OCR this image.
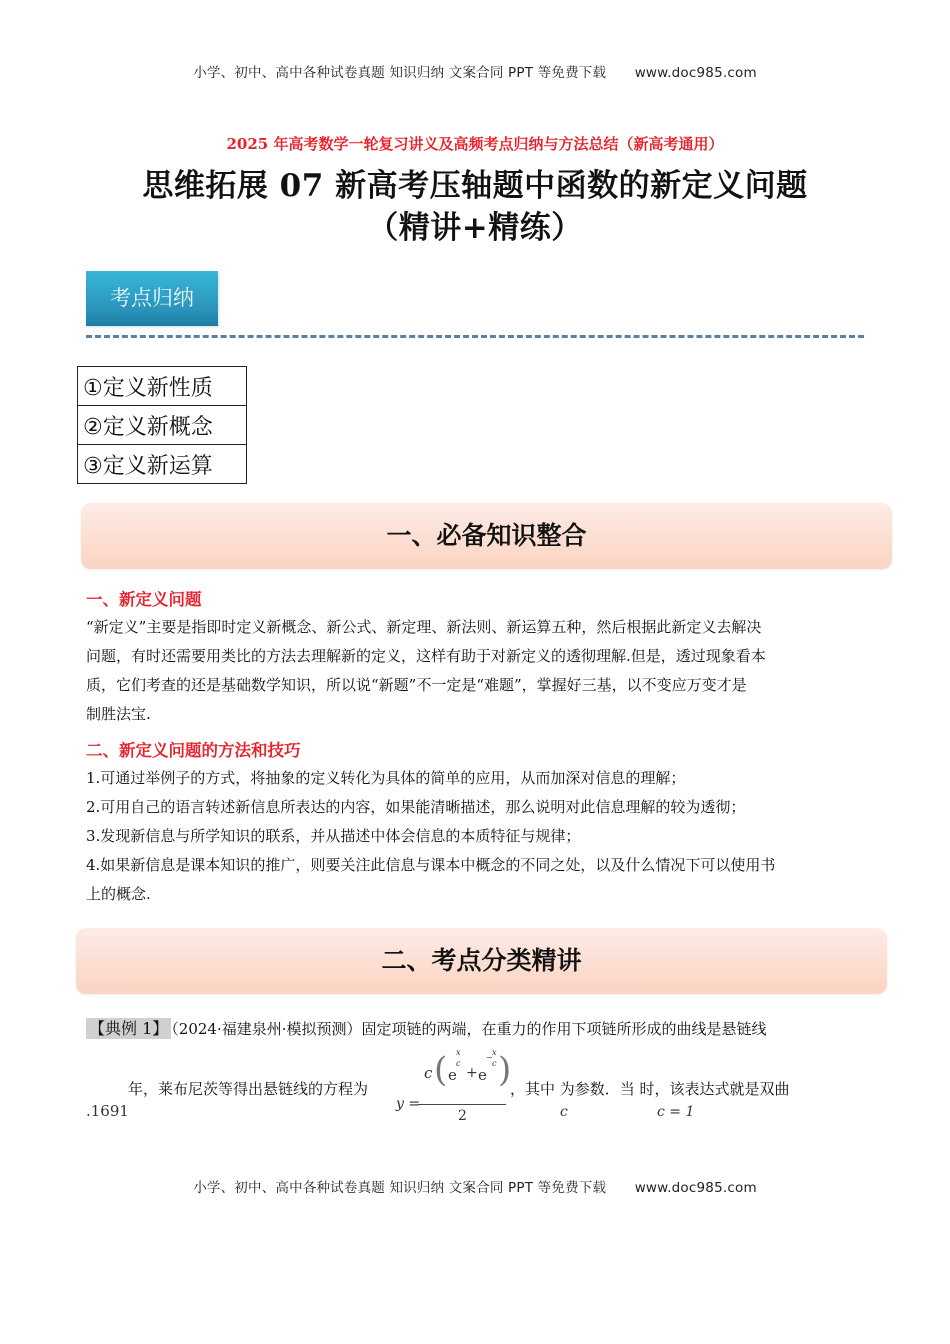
小学、初中、高中各种试卷真题 知识归纳 文案合同 PPT 等免费下载 www.doc985.com
2025 年高考数学一轮复习讲义及高频考点归纳与方法总结（新高考通用）
思维拓展 07 新高考压轴题中函数的新定义问题
（精讲+精练）
考点归纳
①定义新性质
②定义新概念
③定义新运算
一、必备知识整合
一、新定义问题
“新定义”主要是指即时定义新概念、新公式、新定理、新法则、新运算五种，然后根据此新定义去解决
问题，有时还需要用类比的方法去理解新的定义，这样有助于对新定义的透彻理解.但是，透过现象看本
质，它们考查的还是基础数学知识，所以说“新题”不一定是“难题”，掌握好三基，以不变应万变才是
制胜法宝.
二、新定义问题的方法和技巧
1.可通过举例子的方式，将抽象的定义转化为具体的简单的应用，从而加深对信息的理解；
2.可用自己的语言转述新信息所表达的内容，如果能清晰描述，那么说明对此信息理解的较为透彻；
3.发现新信息与所学知识的联系，并从描述中体会信息的本质特征与规律；
4.如果新信息是课本知识的推广，则要关注此信息与课本中概念的不同之处，以及什么情况下可以使用书
上的概念.
二、考点分类精讲
【典例 1】 （2024·福建泉州·模拟预测）固定项链的两端，在重力的作用下项链所形成的曲线是悬链线
年，莱布尼茨等得出悬链线的方程为
.1691	y =
c ( e
x
c
+ e
−
x
c )
2
，其中 为参数．当 时，该表达式就是双曲
c	c = 1
小学、初中、高中各种试卷真题 知识归纳 文案合同 PPT 等免费下载 www.doc985.com
